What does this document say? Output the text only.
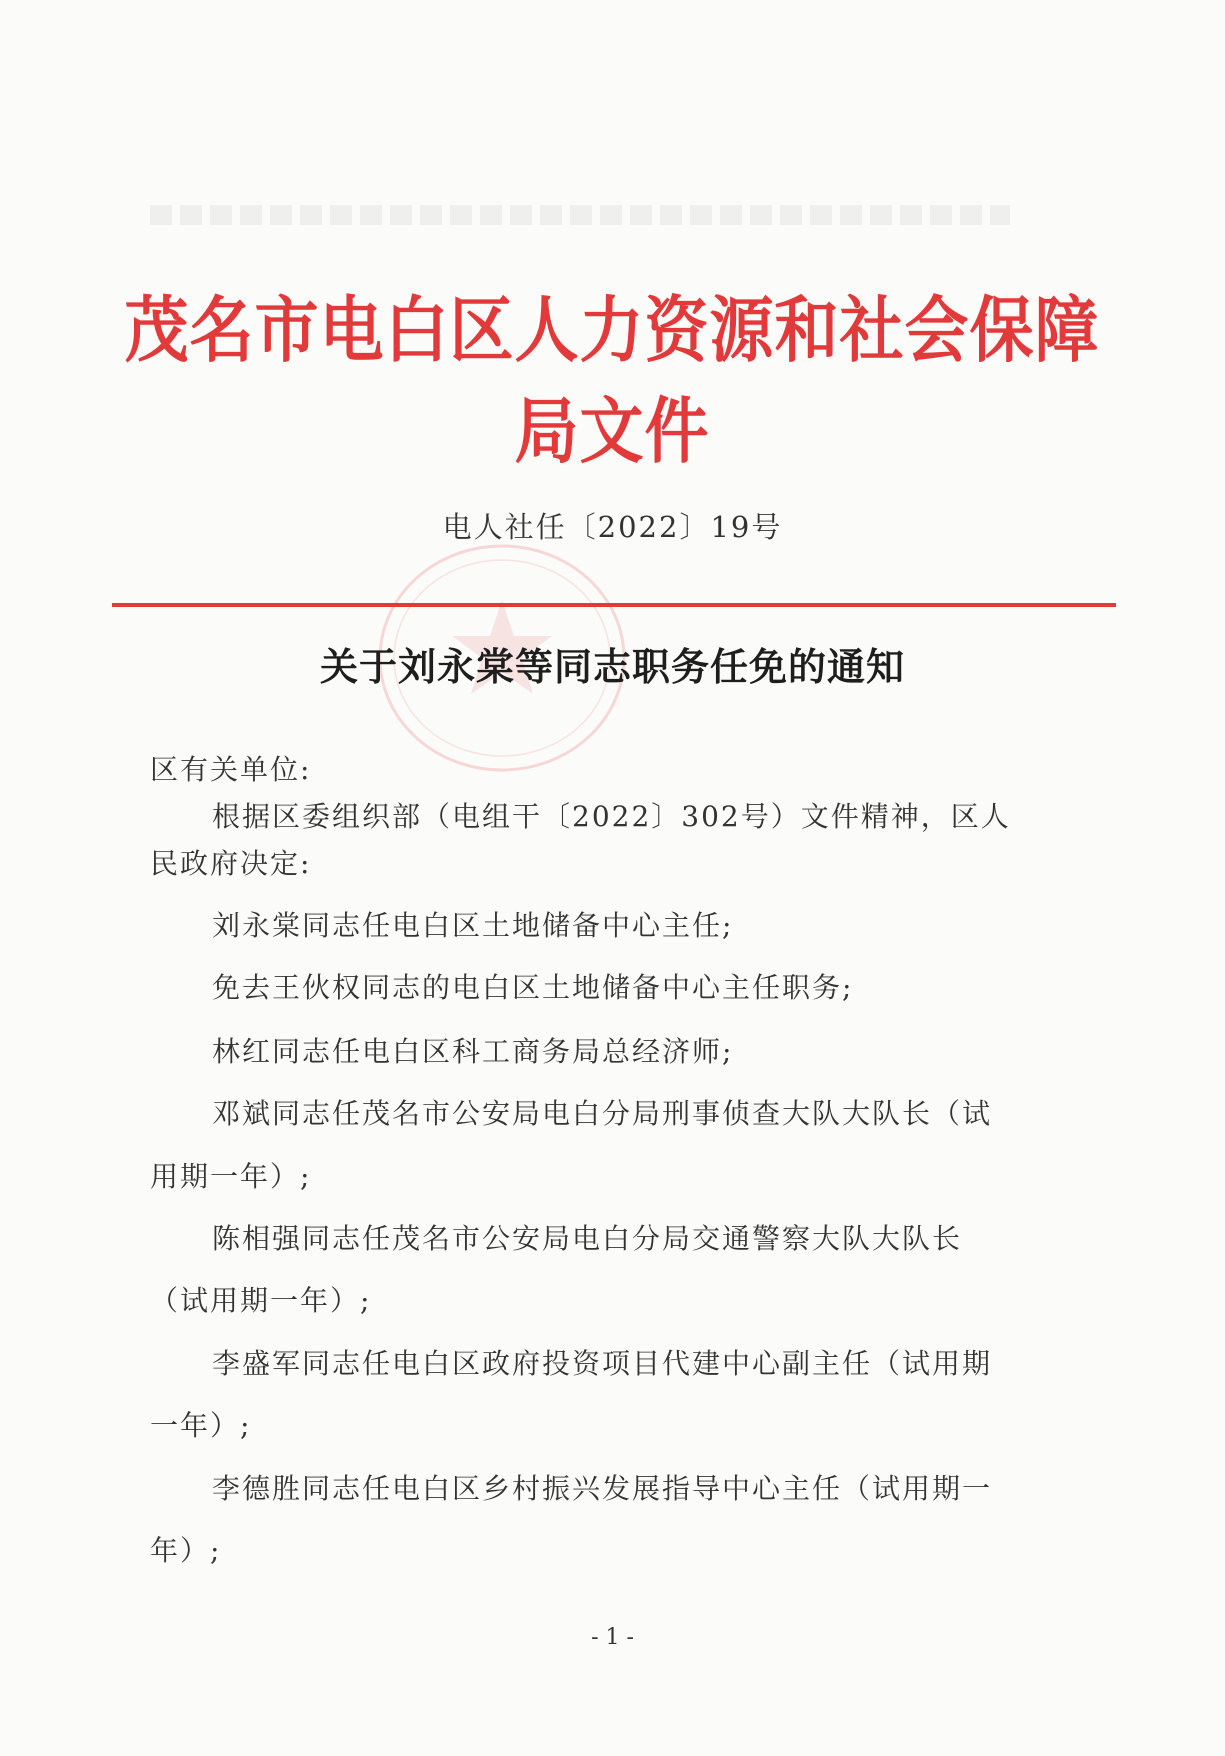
茂名市电白区人力资源和社会保障局文件
电人社任〔2022〕19号
关于刘永棠等同志职务任免的通知
区有关单位:
根据区委组织部（电组干〔2022〕302号）文件精神，区人
民政府决定:
刘永棠同志任电白区土地储备中心主任;
免去王伙权同志的电白区土地储备中心主任职务;
林红同志任电白区科工商务局总经济师;
邓斌同志任茂名市公安局电白分局刑事侦查大队大队长（试
用期一年）;
陈相强同志任茂名市公安局电白分局交通警察大队大队长
（试用期一年）;
李盛军同志任电白区政府投资项目代建中心副主任（试用期
一年）;
李德胜同志任电白区乡村振兴发展指导中心主任（试用期一
年）;
- 1 -
